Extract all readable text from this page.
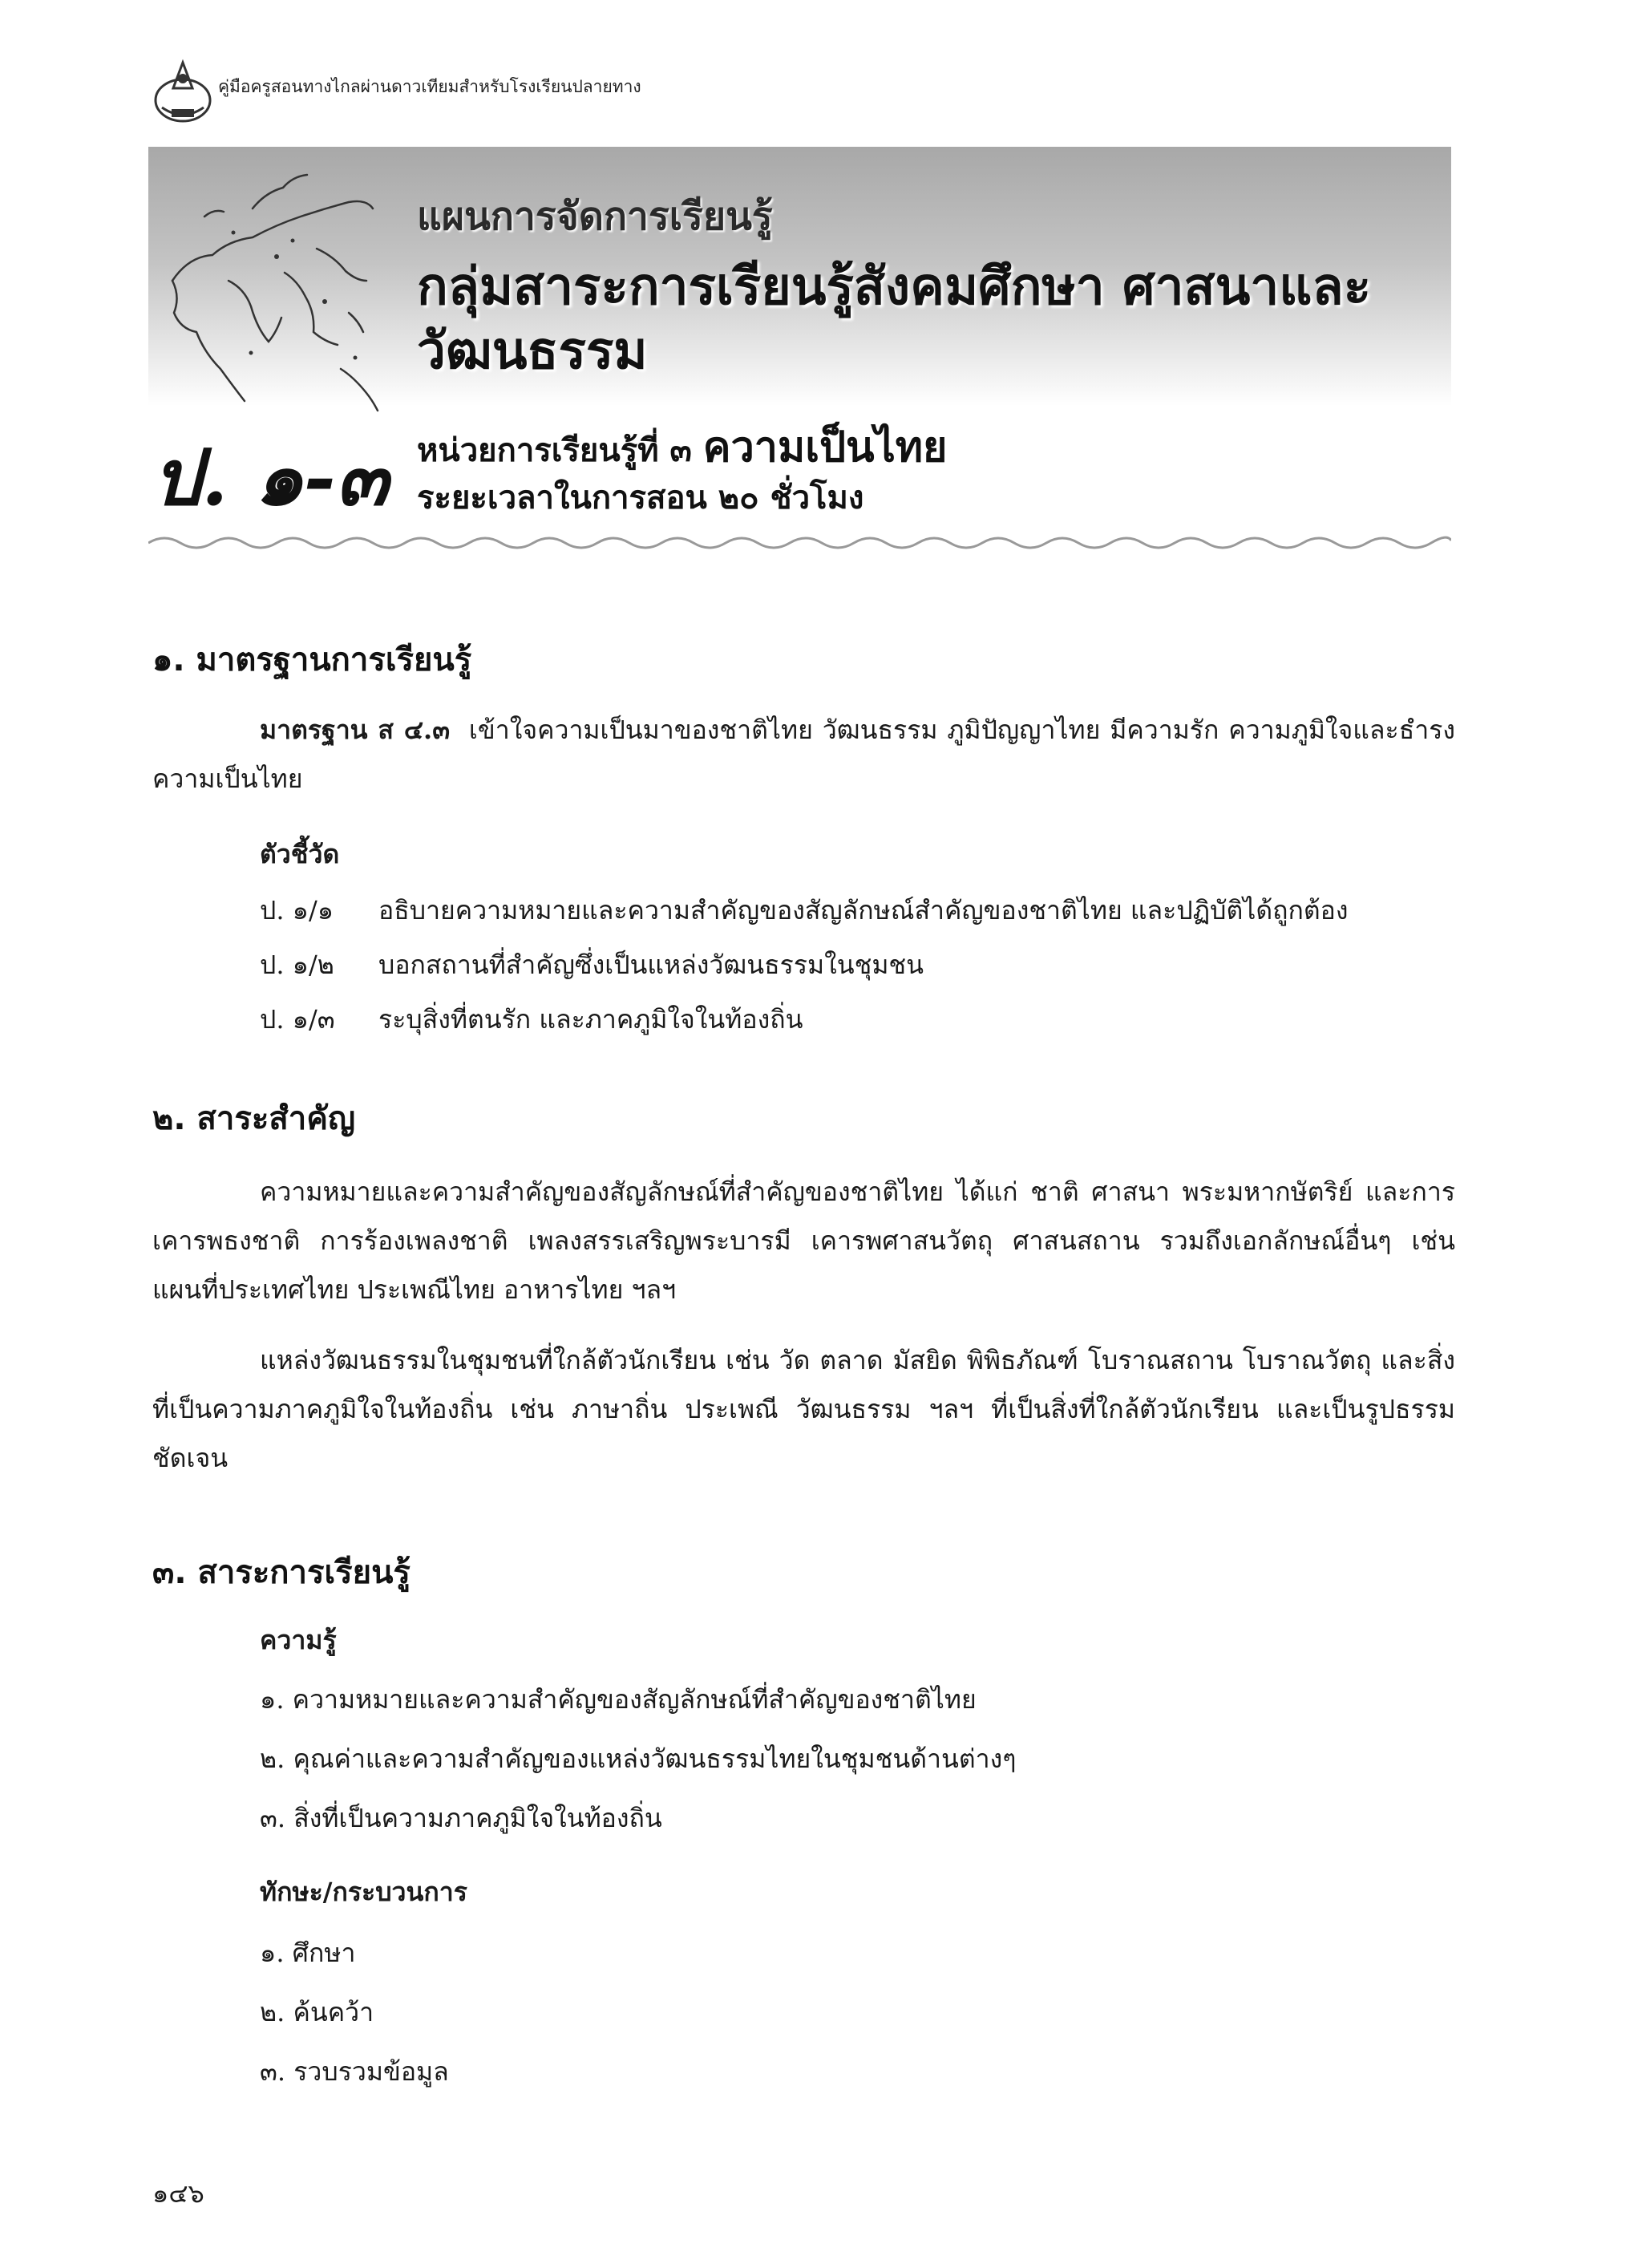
คู่มือครูสอนทางไกลผ่านดาวเทียมสำหรับโรงเรียนปลายทาง
แผนการจัดการเรียนรู้
กลุ่มสาระการเรียนรู้สังคมศึกษา ศาสนาและวัฒนธรรม
ป. ๑-๓ หน่วยการเรียนรู้ที่ ๓ ความเป็นไทย
ระยะเวลาในการสอน ๒๐ ชั่วโมง
๑. มาตรฐานการเรียนรู้
มาตรฐาน ส ๔.๓ เข้าใจความเป็นมาของชาติไทย วัฒนธรรม ภูมิปัญญาไทย มีความรัก ความภูมิใจและธำรงความเป็นไทย
ตัวชี้วัด
ป. ๑/๑ อธิบายความหมายและความสำคัญของสัญลักษณ์สำคัญของชาติไทย และปฏิบัติได้ถูกต้อง
ป. ๑/๒ บอกสถานที่สำคัญซึ่งเป็นแหล่งวัฒนธรรมในชุมชน
ป. ๑/๓ ระบุสิ่งที่ตนรัก และภาคภูมิใจในท้องถิ่น
๒. สาระสำคัญ
ความหมายและความสำคัญของสัญลักษณ์ที่สำคัญของชาติไทย ได้แก่ ชาติ ศาสนา พระมหากษัตริย์ และการเคารพธงชาติ การร้องเพลงชาติ เพลงสรรเสริญพระบารมี เคารพศาสนวัตถุ ศาสนสถาน รวมถึงเอกลักษณ์อื่นๆ เช่น แผนที่ประเทศไทย ประเพณีไทย อาหารไทย ฯลฯ
แหล่งวัฒนธรรมในชุมชนที่ใกล้ตัวนักเรียน เช่น วัด ตลาด มัสยิด พิพิธภัณฑ์ โบราณสถาน โบราณวัตถุ และสิ่งที่เป็นความภาคภูมิใจในท้องถิ่น เช่น ภาษาถิ่น ประเพณี วัฒนธรรม ฯลฯ ที่เป็นสิ่งที่ใกล้ตัวนักเรียน และเป็นรูปธรรมชัดเจน
๓. สาระการเรียนรู้
ความรู้
๑. ความหมายและความสำคัญของสัญลักษณ์ที่สำคัญของชาติไทย
๒. คุณค่าและความสำคัญของแหล่งวัฒนธรรมไทยในชุมชนด้านต่างๆ
๓. สิ่งที่เป็นความภาคภูมิใจในท้องถิ่น
ทักษะ/กระบวนการ
๑. ศึกษา
๒. ค้นคว้า
๓. รวบรวมข้อมูล
๑๔๖
